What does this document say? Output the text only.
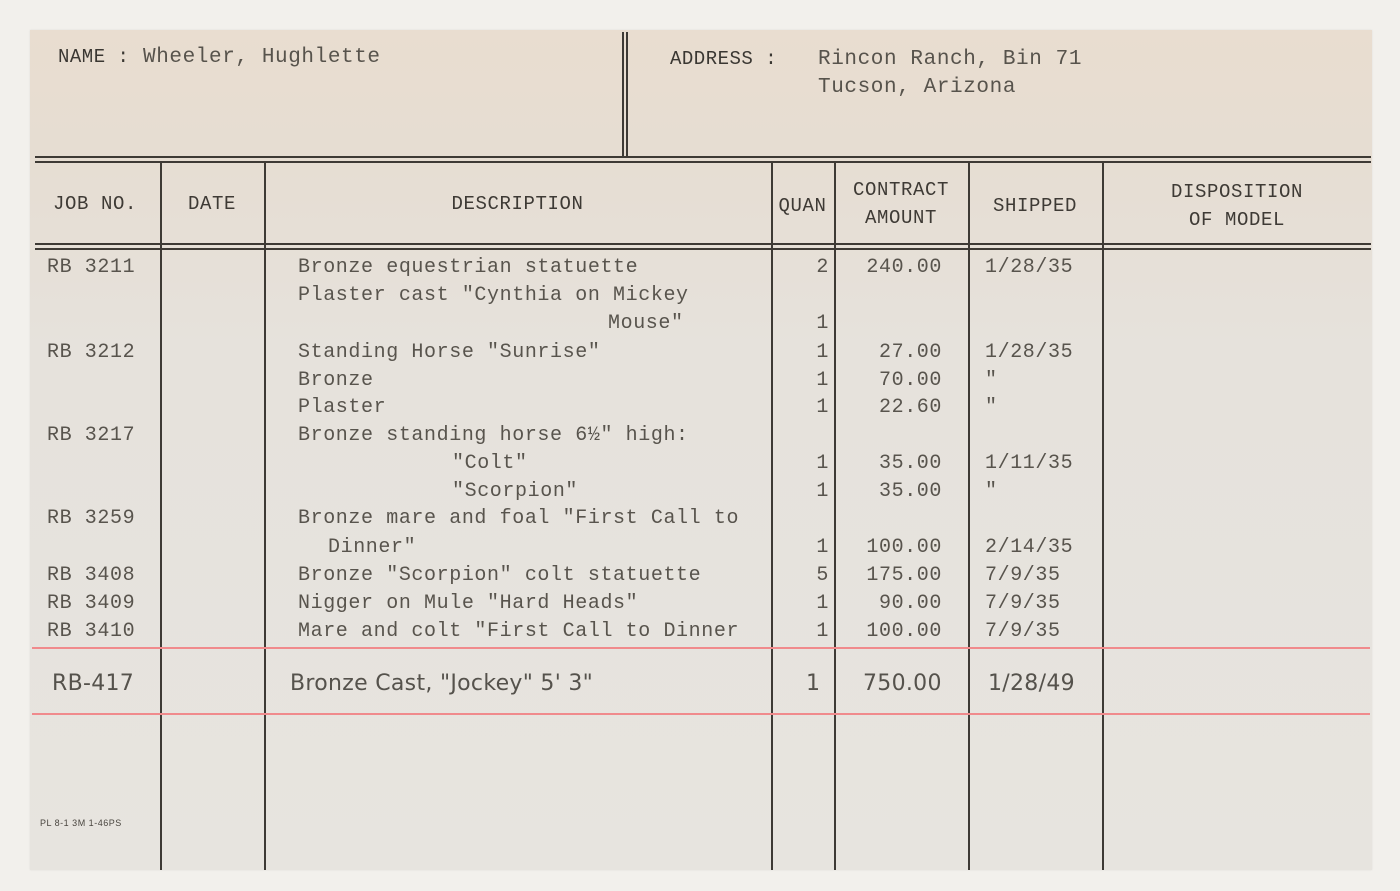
NAME : Wheeler, Hughlette	ADDRESS : Rincon Ranch, Bin 71
Tucson, Arizona
JOB NO.	DATE	DESCRIPTION	QUAN
CONTRACT
AMOUNT
SHIPPED
DISPOSITION
OF MODEL
RB 3211	Bronze equestrian statuette	2	240.00 1/28/35
Plaster cast "Cynthia on Mickey
Mouse"	1
RB 3212	Standing Horse "Sunrise"	1	27.00 1/28/35
Bronze	1	70.00 "
Plaster	1	22.60 "
RB 3217	Bronze standing horse 6½" high:
"Colt"	1	35.00 1/11/35
"Scorpion"	1	35.00 "
RB 3259	Bronze mare and foal "First Call to
Dinner"	1	100.00 2/14/35
RB 3408	Bronze "Scorpion" colt statuette	5	175.00 7/9/35
RB 3409	Nigger on Mule "Hard Heads"	1	90.00 7/9/35
RB 3410	Mare and colt "First Call to Dinner	1	100.00 7/9/35
RB-417	Bronze Cast, "Jockey" 5' 3"	1 750.00 1/28/49
PL 8-1 3M 1-46PS
